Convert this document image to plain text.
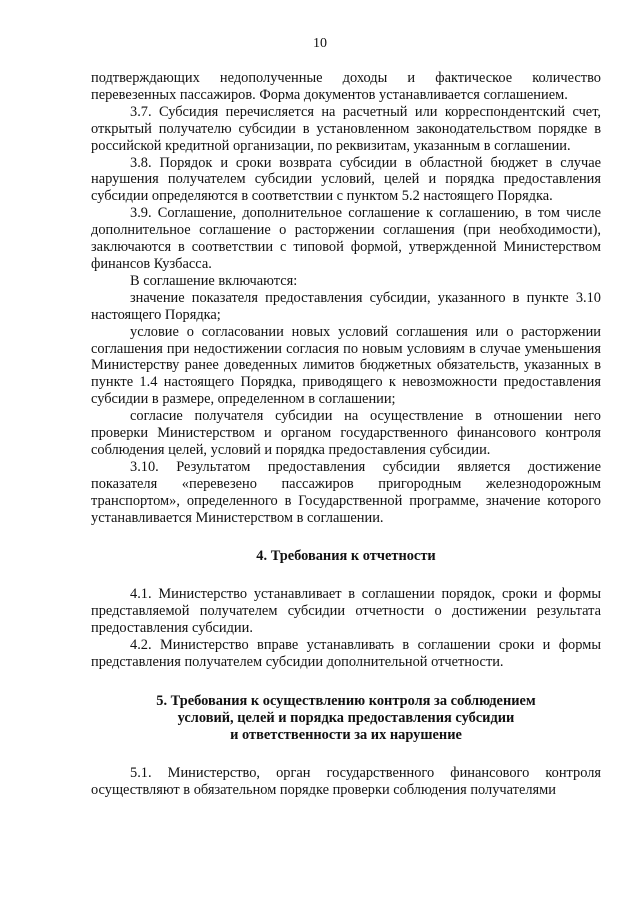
10

подтверждающих недополученные доходы и фактическое количество перевезенных пассажиров. Форма документов устанавливается соглашением.

3.7. Субсидия перечисляется на расчетный или корреспондентский счет, открытый получателю субсидии в установленном законодательством порядке в российской кредитной организации, по реквизитам, указанным в соглашении.

3.8. Порядок и сроки возврата субсидии в областной бюджет в случае нарушения получателем субсидии условий, целей и порядка предоставления субсидии определяются в соответствии с пунктом 5.2 настоящего Порядка.

3.9. Соглашение, дополнительное соглашение к соглашению, в том числе дополнительное соглашение о расторжении соглашения (при необходимости), заключаются в соответствии с типовой формой, утвержденной Министерством финансов Кузбасса.

В соглашение включаются:

значение показателя предоставления субсидии, указанного в пункте 3.10 настоящего Порядка;

условие о согласовании новых условий соглашения или о расторжении соглашения при недостижении согласия по новым условиям в случае уменьшения Министерству ранее доведенных лимитов бюджетных обязательств, указанных в пункте 1.4 настоящего Порядка, приводящего к невозможности предоставления субсидии в размере, определенном в соглашении;

согласие получателя субсидии на осуществление в отношении него проверки Министерством и органом государственного финансового контроля соблюдения целей, условий и порядка предоставления субсидии.

3.10. Результатом предоставления субсидии является достижение показателя «перевезено пассажиров пригородным железнодорожным транспортом», определенного в Государственной программе, значение которого устанавливается Министерством в соглашении.

4. Требования к отчетности

4.1. Министерство устанавливает в соглашении порядок, сроки и формы представляемой получателем субсидии отчетности о достижении результата предоставления субсидии.

4.2. Министерство вправе устанавливать в соглашении сроки и формы представления получателем субсидии дополнительной отчетности.

5. Требования к осуществлению контроля за соблюдением

условий, целей и порядка предоставления субсидии

и ответственности за их нарушение

5.1. Министерство, орган государственного финансового контроля осуществляют в обязательном порядке проверки соблюдения получателями
